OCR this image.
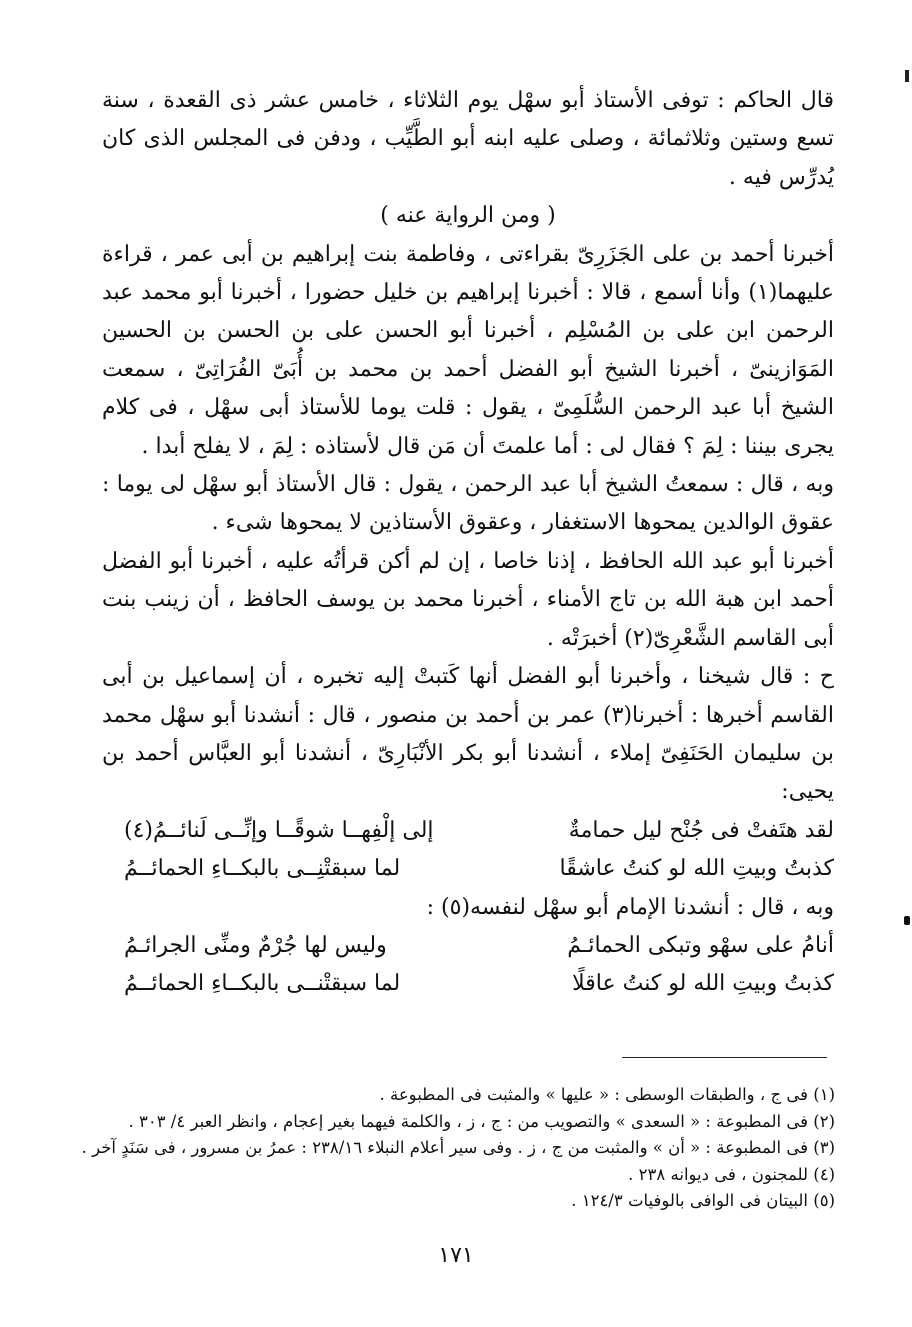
قال الحاكم : توفى الأستاذ أبو سهْل يوم الثلاثاء ، خامس عشر ذى القعدة ، سنة تسع وستين وثلاثمائة ، وصلى عليه ابنه أبو الطَّيِّب ، ودفن فى المجلس الذى كان يُدرِّس فيه .

( ومن الرواية عنه )

أخبرنا أحمد بن على الجَزَرِىّ بقراءتى ، وفاطمة بنت إبراهيم بن أبى عمر ، قراءة عليهما(١) وأنا أسمع ، قالا : أخبرنا إبراهيم بن خليل حضورا ، أخبرنا أبو محمد عبد الرحمن ابن على بن المُسْلِم ، أخبرنا أبو الحسن على بن الحسن بن الحسين المَوَازينىّ ، أخبرنا الشيخ أبو الفضل أحمد بن محمد بن أُبَىّ الفُرَاتِىّ ، سمعت الشيخ أبا عبد الرحمن السُّلَمِىّ ، يقول : قلت يوما للأستاذ أبى سهْل ، فى كلام يجرى بيننا : لِمَ ؟ فقال لى : أما علمتَ أن مَن قال لأستاذه : لِمَ ، لا يفلح أبدا .

وبه ، قال : سمعتُ الشيخ أبا عبد الرحمن ، يقول : قال الأستاذ أبو سهْل لى يوما : عقوق الوالدين يمحوها الاستغفار ، وعقوق الأستاذين لا يمحوها شىء .

أخبرنا أبو عبد الله الحافظ ، إذنا خاصا ، إن لم أكن قرأتُه عليه ، أخبرنا أبو الفضل أحمد ابن هبة الله بن تاج الأمناء ، أخبرنا محمد بن يوسف الحافظ ، أن زينب بنت أبى القاسم الشَّعْرِىّ(٢) أخبرَتْه .

ح : قال شيخنا ، وأخبرنا أبو الفضل أنها كَتبتْ إليه تخبره ، أن إسماعيل بن أبى القاسم أخبرها : أخبرنا(٣) عمر بن أحمد بن منصور ، قال : أنشدنا أبو سهْل محمد بن سليمان الحَنَفِىّ إملاء ، أنشدنا أبو بكر الأنْبَارِىّ ، أنشدنا أبو العبَّاس أحمد بن يحيى:

لقد هتَفتْ فى جُنْح ليل حمامةٌ
إلى إلْفِهــا شوقًــا وإنِّــى لَنائــمُ(٤)
كذبتُ وبيتِ الله لو كنتُ عاشقًا
لما سبقتْنِــى بالبكــاءِ الحمائــمُ

وبه ، قال : أنشدنا الإمام أبو سهْل لنفسه(٥) :

أنامُ على سهْو وتبكى الحمائـمُ
وليس لها جُرْمٌ ومنِّى الجرائـمُ
كذبتُ وبيتِ الله لو كنتُ عاقلًا
لما سبقتْنــى بالبكــاءِ الحمائــمُ
(١) فى ج ، والطبقات الوسطى : « عليها » والمثبت فى المطبوعة .
(٢) فى المطبوعة : « السعدى » والتصويب من : ج ، ز ، والكلمة فيهما بغير إعجام ، وانظر العبر ٤/ ٣٠٣ .
(٣) فى المطبوعة : « أن » والمثبت من ج ، ز . وفى سير أعلام النبلاء ٢٣٨/١٦ : عمرُ بن مسرور ، فى سَنَدٍ آخر .
(٤) للمجنون ، فى ديوانه ٢٣٨ .
(٥) البيتان فى الوافى بالوفيات ١٢٤/٣ .
١٧١
